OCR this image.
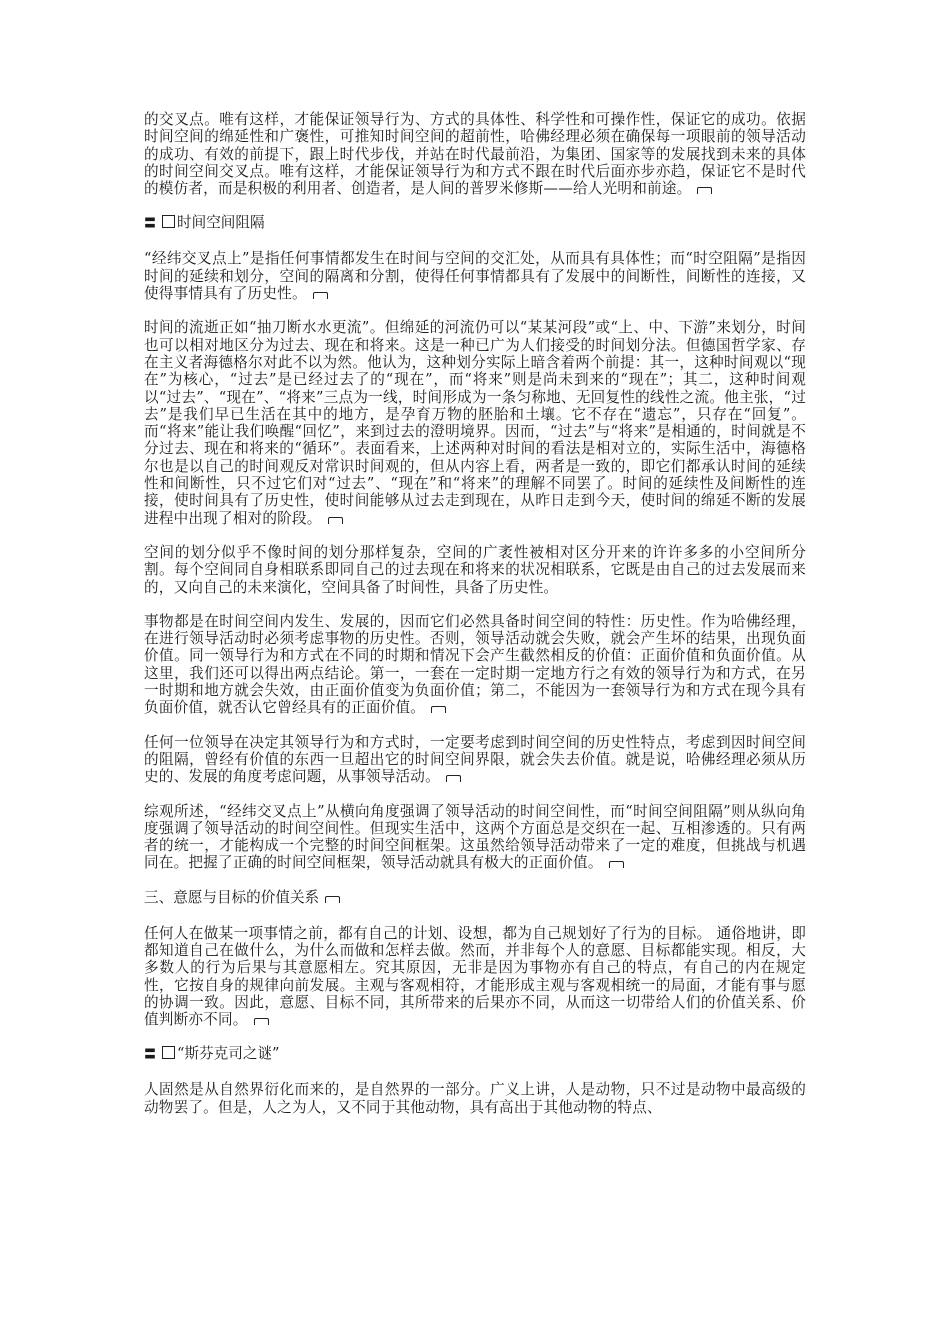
的交叉点。唯有这样，才能保证领导行为、方式的具体性、科学性和可操作性，保证它的成功。依据时间空间的绵延性和广褒性，可推知时间空间的超前性，哈佛经理必须在确保每一项眼前的领导活动的成功、有效的前提下，跟上时代步伐，并站在时代最前沿，为集团、国家等的发展找到未来的具体的时间空间交叉点。唯有这样，才能保证领导行为和方式不跟在时代后面亦步亦趋，保证它不是时代的模仿者，而是积极的利用者、创造者，是人间的普罗米修斯——给人光明和前途。

〓 时间空间阻隔

“经纬交叉点上”是指任何事情都发生在时间与空间的交汇处，从而具有具体性；而“时空阻隔”是指因时间的延续和划分，空间的隔离和分割，使得任何事情都具有了发展中的间断性，间断性的连接，又使得事情具有了历史性。

时间的流逝正如“抽刀断水水更流”。但绵延的河流仍可以“某某河段”或“上、中、下游”来划分，时间也可以相对地区分为过去、现在和将来。这是一种已广为人们接受的时间划分法。但德国哲学家、存在主义者海德格尔对此不以为然。他认为，这种划分实际上暗含着两个前提：其一，这种时间观以“现在”为核心，“过去”是已经过去了的“现在”，而“将来”则是尚未到来的“现在”；其二，这种时间观以“过去”、“现在”、“将来”三点为一线，时间形成为一条匀称地、无回复性的线性之流。他主张，“过去”是我们早已生活在其中的地方，是孕育万物的胚胎和土壤。它不存在“遗忘”，只存在“回复”。而“将来”能让我们唤醒“回忆”，来到过去的澄明境界。因而，“过去”与“将来”是相通的，时间就是不分过去、现在和将来的“循环”。表面看来，上述两种对时间的看法是相对立的，实际生活中，海德格尔也是以自己的时间观反对常识时间观的，但从内容上看，两者是一致的，即它们都承认时间的延续性和间断性，只不过它们对“过去”、“现在”和“将来”的理解不同罢了。时间的延续性及间断性的连接，使时间具有了历史性，使时间能够从过去走到现在，从昨日走到今天，使时间的绵延不断的发展进程中出现了相对的阶段。

空间的划分似乎不像时间的划分那样复杂，空间的广袤性被相对区分开来的许许多多的小空间所分割。每个空间同自身相联系即同自己的过去现在和将来的状况相联系，它既是由自己的过去发展而来的，又向自己的未来演化，空间具备了时间性，具备了历史性。

事物都是在时间空间内发生、发展的，因而它们必然具备时间空间的特性：历史性。作为哈佛经理，在进行领导活动时必须考虑事物的历史性。否则，领导活动就会失败，就会产生坏的结果，出现负面价值。同一领导行为和方式在不同的时期和情况下会产生截然相反的价值：正面价值和负面价值。从这里，我们还可以得出两点结论。第一，一套在一定时期一定地方行之有效的领导行为和方式，在另一时期和地方就会失效，由正面价值变为负面价值；第二，不能因为一套领导行为和方式在现今具有负面价值，就否认它曾经具有的正面价值。

任何一位领导在决定其领导行为和方式时，一定要考虑到时间空间的历史性特点，考虑到因时间空间的阻隔，曾经有价值的东西一旦超出它的时间空间界限，就会失去价值。就是说，哈佛经理必须从历史的、发展的角度考虑问题，从事领导活动。

综观所述，“经纬交叉点上”从横向角度强调了领导活动的时间空间性，而“时间空间阻隔”则从纵向角度强调了领导活动的时间空间性。但现实生活中，这两个方面总是交织在一起、互相渗透的。只有两者的统一，才能构成一个完整的时间空间框架。这虽然给领导活动带来了一定的难度，但挑战与机遇同在。把握了正确的时间空间框架，领导活动就具有极大的正面价值。

三、意愿与目标的价值关系

任何人在做某一项事情之前，都有自己的计划、设想，都为自己规划好了行为的目标。 通俗地讲，即都知道自己在做什么，为什么而做和怎样去做。然而，并非每个人的意愿、目标都能实现。相反，大多数人的行为后果与其意愿相左。究其原因，无非是因为事物亦有自己的特点，有自己的内在规定性，它按自身的规律向前发展。主观与客观相符，才能形成主观与客观相统一的局面，才能有事与愿的协调一致。因此，意愿、目标不同，其所带来的后果亦不同，从而这一切带给人们的价值关系、价值判断亦不同。

〓 “斯芬克司之谜”

人固然是从自然界衍化而来的，是自然界的一部分。广义上讲，人是动物，只不过是动物中最高级的动物罢了。但是，人之为人，又不同于其他动物，具有高出于其他动物的特点、
